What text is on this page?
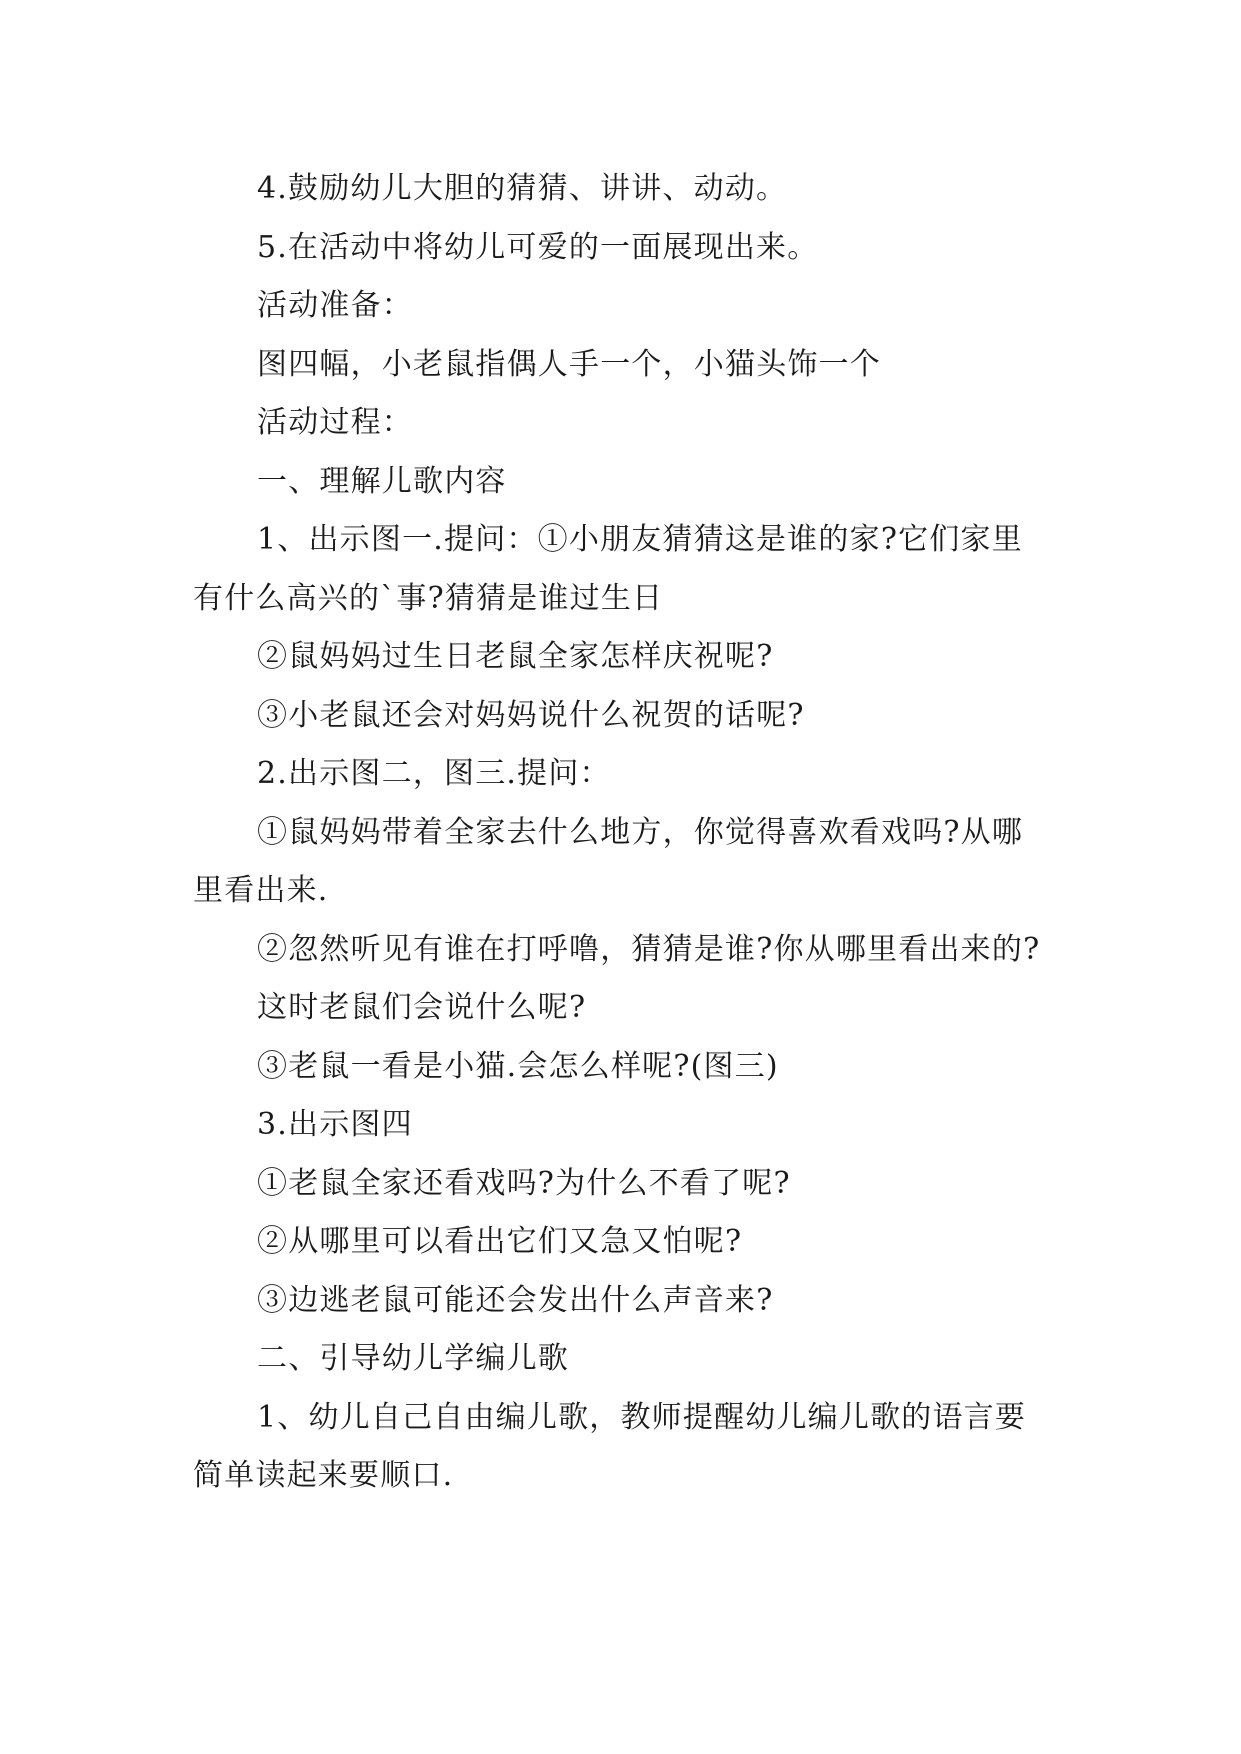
4.鼓励幼儿大胆的猜猜、讲讲、动动。

5.在活动中将幼儿可爱的一面展现出来。

活动准备：

图四幅，小老鼠指偶人手一个，小猫头饰一个

活动过程：

一、理解儿歌内容

1、出示图一.提问：①小朋友猜猜这是谁的家?它们家里有什么高兴的`事?猜猜是谁过生日

②鼠妈妈过生日老鼠全家怎样庆祝呢?

③小老鼠还会对妈妈说什么祝贺的话呢?

2.出示图二，图三.提问：

①鼠妈妈带着全家去什么地方，你觉得喜欢看戏吗?从哪里看出来.

②忽然听见有谁在打呼噜，猜猜是谁?你从哪里看出来的?

这时老鼠们会说什么呢?

③老鼠一看是小猫.会怎么样呢?(图三)

3.出示图四

①老鼠全家还看戏吗?为什么不看了呢?

②从哪里可以看出它们又急又怕呢?

③边逃老鼠可能还会发出什么声音来?

二、引导幼儿学编儿歌

1、幼儿自己自由编儿歌，教师提醒幼儿编儿歌的语言要简单读起来要顺口.
